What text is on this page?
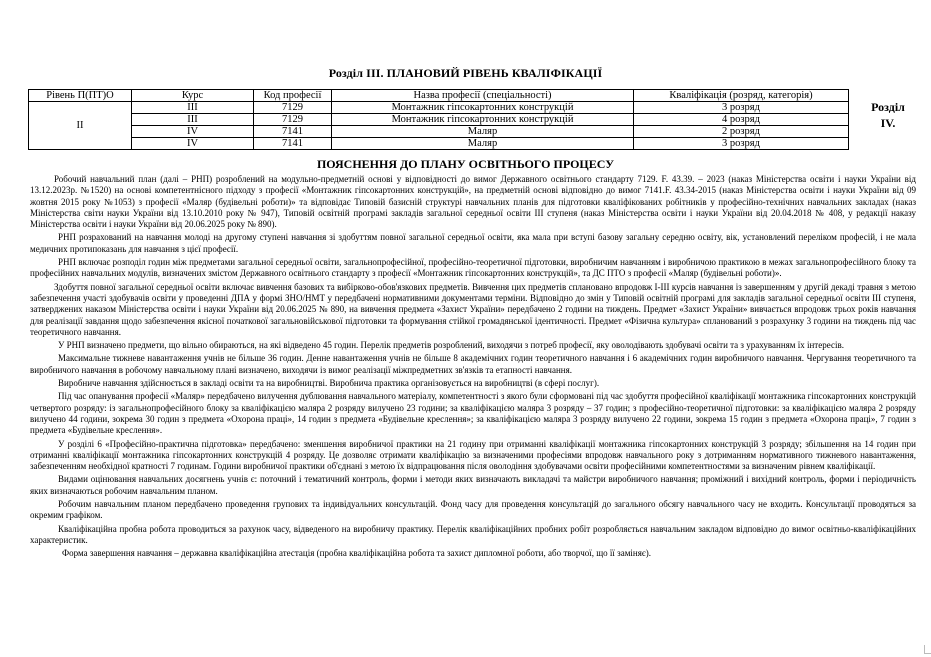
Розділ III. ПЛАНОВИЙ РІВЕНЬ КВАЛІФІКАЦІЇ
Рівень П(ПТ)О	Курс	Код професії	Назва професії (спеціальності)	Кваліфікація (розряд, категорія)
ІІ	ІІІ	7129	Монтажник гіпсокартонних конструкцій	3 розряд
	ІІІ	7129	Монтажник гіпсокартонних конструкцій	4 розряд
	IV	7141	Маляр	2 розряд
	IV	7141	Маляр	3 розряд
Розділ
IV.
ПОЯСНЕННЯ ДО ПЛАНУ ОСВІТНЬОГО ПРОЦЕСУ

Робочий навчальний план (далі – РНП) розроблений на модульно-предметній основі у відповідності до вимог Державного освітнього стандарту 7129. F. 43.39. – 2023 (наказ Міністерства освіти і науки України від 13.12.2023р. №1520) на основі компетентнісного підходу з професії «Монтажник гіпсокартонних конструкцій», на предметній основі відповідно до вимог 7141.F. 43.34-2015 (наказ Міністерства освіти і науки України від 09 жовтня 2015 року №1053) з професії «Маляр (будівельні роботи)» та відповідає Типовій базисній структурі навчальних планів для підготовки кваліфікованих робітників у професійно-технічних навчальних закладах (наказ Міністерства світи науки України від 13.10.2010 року № 947), Типовій освітній програмі закладів загальної середньої освіти ІІІ ступеня (наказ Міністерства освіти і науки України від 20.04.2018 № 408, у редакції наказу Міністерства освіти і науки України від 20.06.2025 року № 890).

РНП розрахований на навчання молоді на другому ступені навчання зі здобуттям повної загальної середньої освіти, яка мала при вступі базову загальну середню освіту, вік, установлений переліком професій, і не мала медичних протипоказань для навчання з цієї професії.

РНП включає розподіл годин між предметами загальної середньої освіти, загальнопрофесійної, професійно-теоретичної підготовки, виробничим навчанням і виробничою практикою в межах загальнопрофесійного блоку та професійних навчальних модулів, визначених змістом Державного освітнього стандарту з професії «Монтажник гіпсокартонних конструкцій», та ДС ПТО з професії «Маляр (будівельні роботи)».

Здобуття повної загальної середньої освіти включає вивчення базових та вибірково-обов'язкових предметів. Вивчення цих предметів сплановано впродовж І-ІІІ курсів навчання із завершенням у другій декаді травня з метою забезпечення участі здобувачів освіти у проведенні ДПА у формі ЗНО/НМТ у передбачені нормативними документами терміни. Відповідно до змін у Типовій освітній програмі для закладів загальної середньої освіти ІІІ ступеня, затверджених наказом Міністерства освіти і науки України від 20.06.2025 № 890, на вивчення предмета «Захист України» передбачено 2 години на тиждень. Предмет «Захист України» вивчається впродовж трьох років навчання для реалізації завдання щодо забезпечення якісної початкової загальновійськової підготовки та формування стійкої громадянської ідентичності. Предмет «Фізична культура» спланований з розрахунку 3 години на тиждень під час теоретичного навчання.

У РНП визначено предмети, що вільно обираються, на які відведено 45 годин. Перелік предметів розроблений, виходячи з потреб професії, яку оволодівають здобувачі освіти та з урахуванням їх інтересів.

Максимальне тижневе навантаження учнів не більше 36 годин. Денне навантаження учнів не більше 8 академічних годин теоретичного навчання і 6 академічних годин виробничого навчання. Чергування теоретичного та виробничого навчання в робочому навчальному плані визначено, виходячи із вимог реалізації міжпредметних зв'язків та етапності навчання.

Виробниче навчання здійснюється в закладі освіти та на виробництві. Виробнича практика організовується на виробництві (в сфері послуг).

Під час опанування професії «Маляр» передбачено вилучення дублювання навчального матеріалу, компетентності з якого були сформовані під час здобуття професійної кваліфікації монтажника гіпсокартонних конструкцій четвертого розряду: із загальнопрофесійного блоку за кваліфікацією маляра 2 розряду вилучено 23 години; за кваліфікацією маляра 3 розряду – 37 годин; з професійно-теоретичної підготовки: за кваліфікацією маляра 2 розряду вилучено 44 години, зокрема 30 годин з предмета «Охорона праці», 14 годин з предмета «Будівельне креслення»; за кваліфікацією маляра 3 розряду вилучено 22 години, зокрема 15 годин з предмета «Охорона праці», 7 годин з предмета «Будівельне креслення».

У розділі 6 «Професійно-практична підготовка» передбачено: зменшення виробничої практики на 21 годину при отриманні кваліфікації монтажника гіпсокартонних конструкцій 3 розряду; збільшення на 14 годин при отриманні кваліфікації монтажника гіпсокартонних конструкцій 4 розряду. Це дозволяє отримати кваліфікацію за визначеними професіями впродовж навчального року з дотриманням нормативного тижневого навантаження, забезпеченням необхідної кратності 7 годинам. Години виробничої практики об'єднані з метою їх відпрацювання після оволодіння здобувачами освіти професійними компетентностями за визначеним рівнем кваліфікації.

Видами оцінювання навчальних досягнень учнів є: поточний і тематичний контроль, форми і методи яких визначають викладачі та майстри виробничого навчання; проміжний і вихідний контроль, форми і періодичність яких визначаються робочим навчальним планом.

Робочим навчальним планом передбачено проведення групових та індивідуальних консультацій. Фонд часу для проведення консультацій до загального обсягу навчального часу не входить. Консультації проводяться за окремим графіком.

Кваліфікаційна пробна робота проводиться за рахунок часу, відведеного на виробничу практику. Перелік кваліфікаційних пробних робіт розробляється навчальним закладом відповідно до вимог освітньо-кваліфікаційних характеристик.

Форма завершення навчання – державна кваліфікаційна атестація (пробна кваліфікаційна робота та захист дипломної роботи, або творчої, що її заміняє).
